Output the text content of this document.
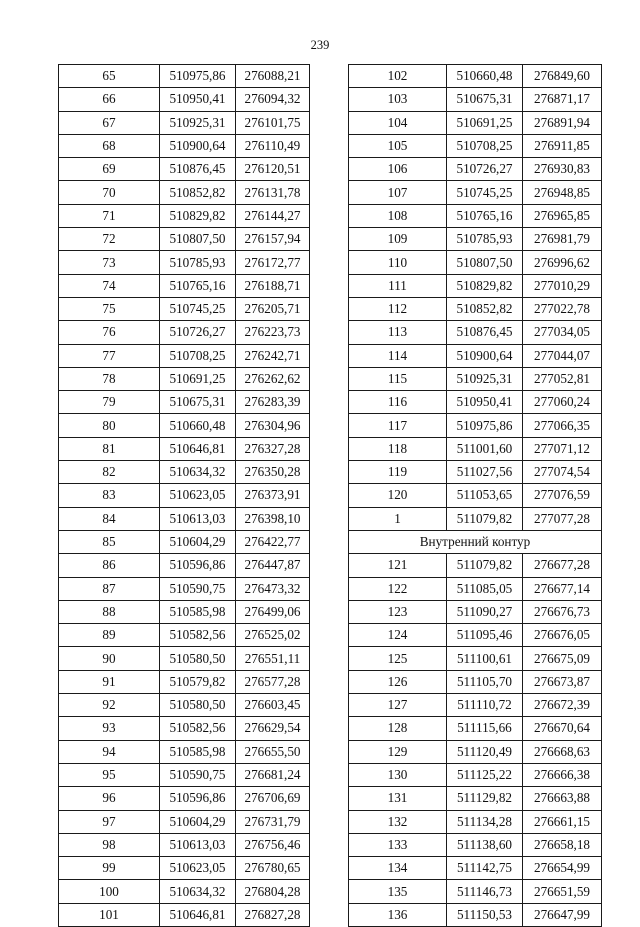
239
65	510975,86	276088,21
66	510950,41	276094,32
67	510925,31	276101,75
68	510900,64	276110,49
69	510876,45	276120,51
70	510852,82	276131,78
71	510829,82	276144,27
72	510807,50	276157,94
73	510785,93	276172,77
74	510765,16	276188,71
75	510745,25	276205,71
76	510726,27	276223,73
77	510708,25	276242,71
78	510691,25	276262,62
79	510675,31	276283,39
80	510660,48	276304,96
81	510646,81	276327,28
82	510634,32	276350,28
83	510623,05	276373,91
84	510613,03	276398,10
85	510604,29	276422,77
86	510596,86	276447,87
87	510590,75	276473,32
88	510585,98	276499,06
89	510582,56	276525,02
90	510580,50	276551,11
91	510579,82	276577,28
92	510580,50	276603,45
93	510582,56	276629,54
94	510585,98	276655,50
95	510590,75	276681,24
96	510596,86	276706,69
97	510604,29	276731,79
98	510613,03	276756,46
99	510623,05	276780,65
100	510634,32	276804,28
101	510646,81	276827,28
102	510660,48	276849,60
103	510675,31	276871,17
104	510691,25	276891,94
105	510708,25	276911,85
106	510726,27	276930,83
107	510745,25	276948,85
108	510765,16	276965,85
109	510785,93	276981,79
110	510807,50	276996,62
111	510829,82	277010,29
112	510852,82	277022,78
113	510876,45	277034,05
114	510900,64	277044,07
115	510925,31	277052,81
116	510950,41	277060,24
117	510975,86	277066,35
118	511001,60	277071,12
119	511027,56	277074,54
120	511053,65	277076,59
1	511079,82	277077,28
Внутренний контур		
121	511079,82	276677,28
122	511085,05	276677,14
123	511090,27	276676,73
124	511095,46	276676,05
125	511100,61	276675,09
126	511105,70	276673,87
127	511110,72	276672,39
128	511115,66	276670,64
129	511120,49	276668,63
130	511125,22	276666,38
131	511129,82	276663,88
132	511134,28	276661,15
133	511138,60	276658,18
134	511142,75	276654,99
135	511146,73	276651,59
136	511150,53	276647,99
